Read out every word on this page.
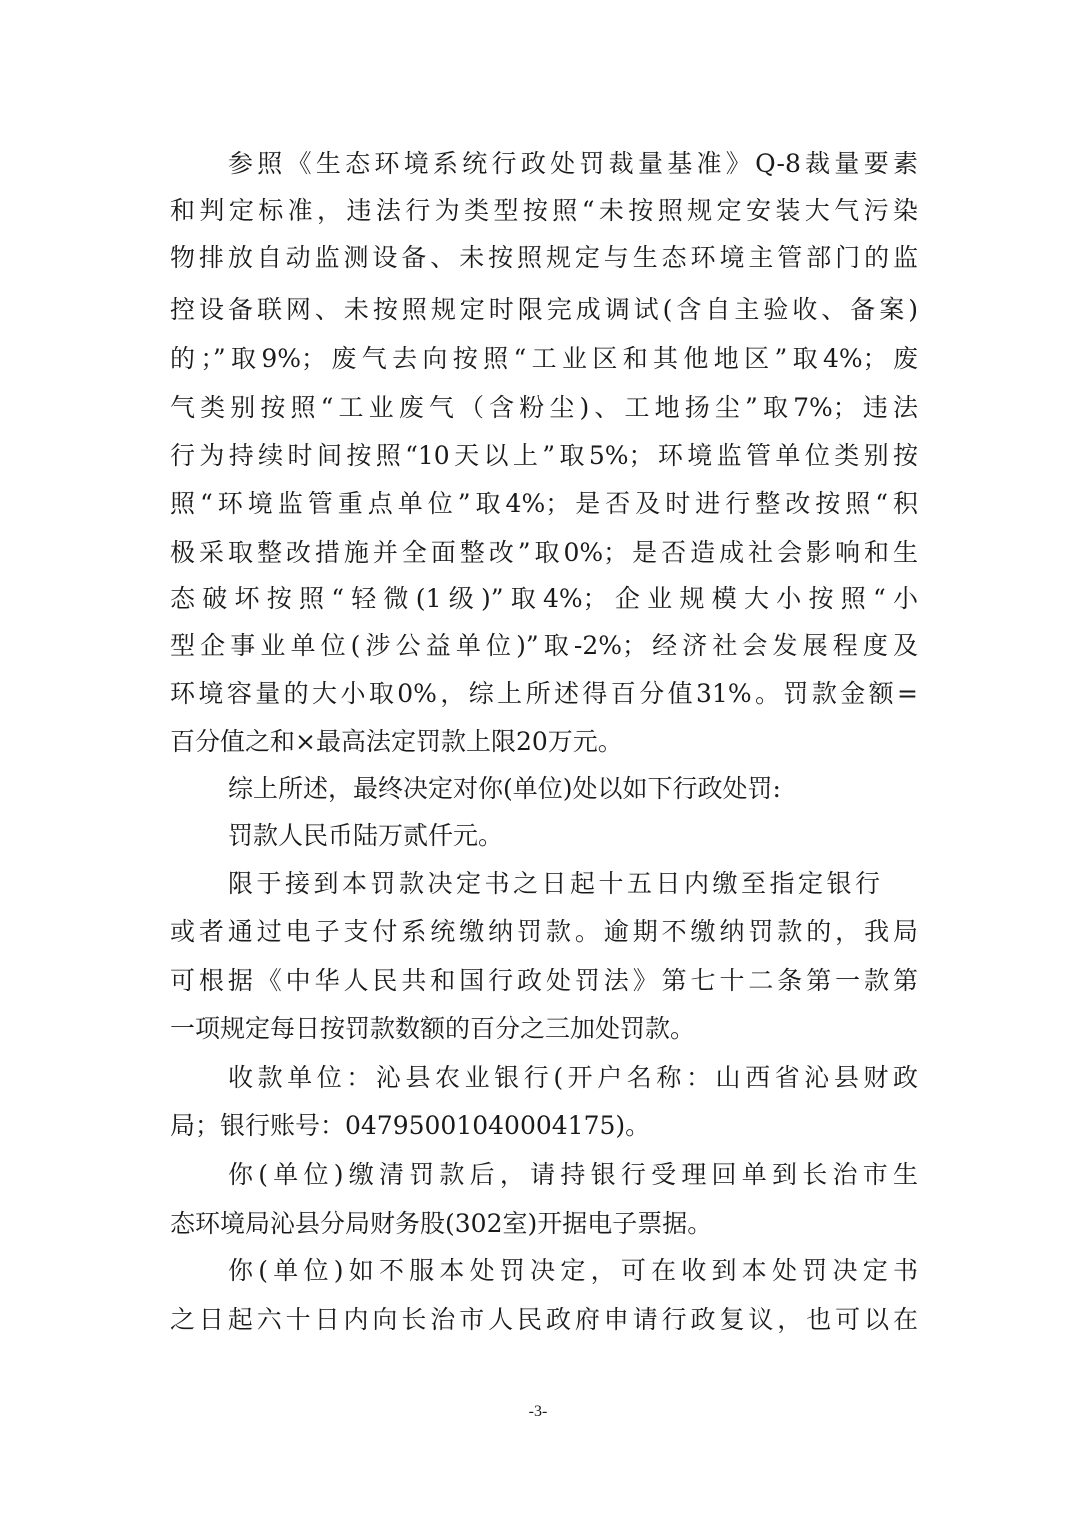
参照《生态环境系统行政处罚裁量基准》Q-8裁量要素
和判定标准，违法行为类型按照“未按照规定安装大气污染
物排放自动监测设备、未按照规定与生态环境主管部门的监
控设备联网、未按照规定时限完成调试(含自主验收、备案)
的；”取9%；废气去向按照“工业区和其他地区”取4%；废
气类别按照“工业废气（含粉尘)、工地扬尘”取7%；违法
行为持续时间按照“10天以上”取5%；环境监管单位类别按
照“环境监管重点单位”取4%；是否及时进行整改按照“积
极采取整改措施并全面整改”取0%；是否造成社会影响和生
态破坏按照“轻微(1级)”取4%；企业规模大小按照“小
型企事业单位(涉公益单位)”取-2%；经济社会发展程度及
环境容量的大小取0%，综上所述得百分值31%。罚款金额=
百分值之和×最高法定罚款上限20万元。
综上所述，最终决定对你(单位)处以如下行政处罚:
罚款人民币陆万贰仟元。
限于接到本罚款决定书之日起十五日内缴至指定银行
或者通过电子支付系统缴纳罚款。逾期不缴纳罚款的，我局
可根据《中华人民共和国行政处罚法》第七十二条第一款第
一项规定每日按罚款数额的百分之三加处罚款。
收款单位：沁县农业银行(开户名称：山西省沁县财政
局；银行账号：04795001040004175)。
你(单位)缴清罚款后，请持银行受理回单到长治市生
态环境局沁县分局财务股(302室)开据电子票据。
你(单位)如不服本处罚决定，可在收到本处罚决定书
之日起六十日内向长治市人民政府申请行政复议，也可以在
-3-
